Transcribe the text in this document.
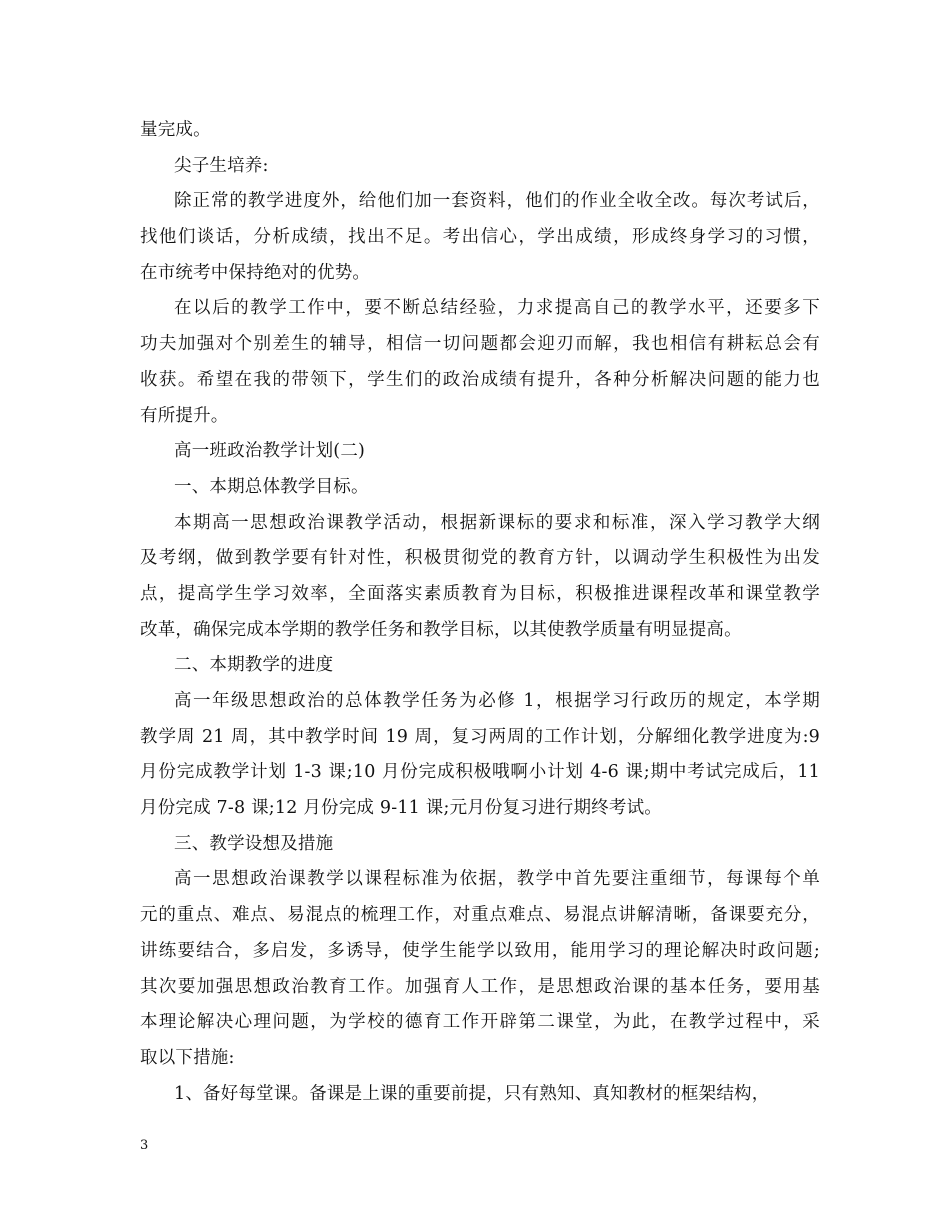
量完成。
尖子生培养:
除正常的教学进度外，给他们加一套资料，他们的作业全收全改。每次考试后，
找他们谈话，分析成绩，找出不足。考出信心，学出成绩，形成终身学习的习惯，
在市统考中保持绝对的优势。
在以后的教学工作中，要不断总结经验，力求提高自己的教学水平，还要多下
功夫加强对个别差生的辅导，相信一切问题都会迎刃而解，我也相信有耕耘总会有
收获。希望在我的带领下，学生们的政治成绩有提升，各种分析解决问题的能力也
有所提升。
高一班政治教学计划(二)
一、本期总体教学目标。
本期高一思想政治课教学活动，根据新课标的要求和标准，深入学习教学大纲
及考纲，做到教学要有针对性，积极贯彻党的教育方针，以调动学生积极性为出发
点，提高学生学习效率，全面落实素质教育为目标，积极推进课程改革和课堂教学
改革，确保完成本学期的教学任务和教学目标，以其使教学质量有明显提高。
二、本期教学的进度
高一年级思想政治的总体教学任务为必修 1，根据学习行政历的规定，本学期
教学周 21 周，其中教学时间 19 周，复习两周的工作计划，分解细化教学进度为:9
月份完成教学计划 1-3 课;10 月份完成积极哦啊小计划 4-6 课;期中考试完成后，11
月份完成 7-8 课;12 月份完成 9-11 课;元月份复习进行期终考试。
三、教学设想及措施
高一思想政治课教学以课程标准为依据，教学中首先要注重细节，每课每个单
元的重点、难点、易混点的梳理工作，对重点难点、易混点讲解清晰，备课要充分，
讲练要结合，多启发，多诱导，使学生能学以致用，能用学习的理论解决时政问题;
其次要加强思想政治教育工作。加强育人工作，是思想政治课的基本任务，要用基
本理论解决心理问题，为学校的德育工作开辟第二课堂，为此，在教学过程中，采
取以下措施:
1、备好每堂课。备课是上课的重要前提，只有熟知、真知教材的框架结构，
3
